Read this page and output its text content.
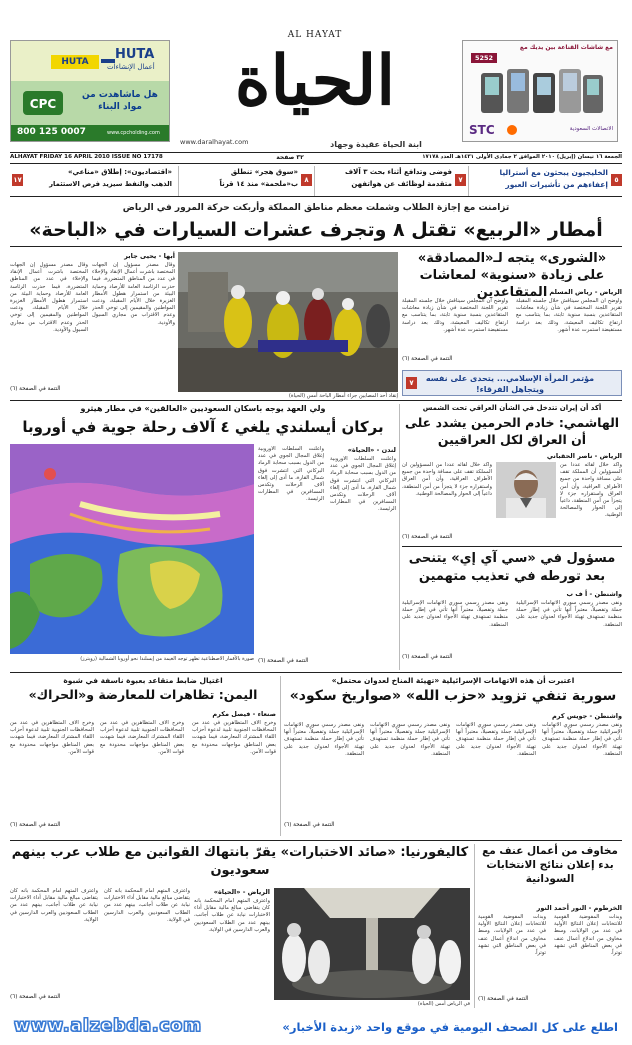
HUTA
أعمال الإنشاءات
HUTA
هل ماشاهدت من مواد البناء
CPC
800 125 0007	www.cpcholding.com
AL HAYAT
الحياة
www.daralhayat.com
مع شاشات القناعة بين يديك مع
5252
STC	الاتصالات السعودية
ابنة الحياة عقيدة وجهاد
ALHAYAT FRIDAY 16 APRIL 2010 ISSUE NO 17178	٣٢ صفحة	الجمعة ١٦ نيسان (إبريل) ٢٠١٠ الموافق ٢ جمادى الأولى ١٤٣١هـ العدد ١٧١٧٨
الخليجيون يبحثون مع أستراليا
إعفاءهم من تأشيرات العبور ٥
فوضى وتدافع أثناء بحث ٣ آلاف
متقدمة لوظائف عن هواتفهن ٧
«سوق هجر» تنطلق
ب«ملحمة» منذ ١٤ قرناً ٨
«اقتصاديون»: إطلاق «مناعي»
الذهب والنفط سيزيد فرص الاستثمار
١٧
تزامنت مع إجازة الطلاب وشملت معظم مناطق المملكة وأربكت حركة المرور في الرياض
أمطار «الربيع» تقتل ٨ وتجرف عشرات السيارات في «الباحة»
أبها - يحيى جابر
وقال مصدر مسؤول إن الجهات المختصة باشرت أعمال الإنقاذ والإخلاء في عدد من المناطق المتضررة، فيما حذرت الرئاسة العامة للأرصاد وحماية البيئة من استمرار هطول الأمطار الغزيرة خلال الأيام المقبلة، ودعت المواطنين والمقيمين إلى توخي الحذر وعدم الاقتراب من مجاري السيول والأودية.
وقال مصدر مسؤول إن الجهات المختصة باشرت أعمال الإنقاذ والإخلاء في عدد من المناطق المتضررة، فيما حذرت الرئاسة العامة للأرصاد وحماية البيئة من استمرار هطول الأمطار الغزيرة خلال الأيام المقبلة، ودعت المواطنين والمقيمين إلى توخي الحذر وعدم الاقتراب من مجاري السيول والأودية.
إنقاذ أحد المصابين جراء أمطار الباحة أمس (الحياة)
التتمة في الصفحة (٦)
«الشورى» يتجه لـ«المصادقة» على زيادة «سنوية» لمعاشات المتقاعدين الرياض - رياض المسلم
وأوضح أن المجلس سيناقش خلال جلسته المقبلة تقرير اللجنة المختصة في شأن زيادة معاشات المتقاعدين بنسبة سنوية ثابتة، بما يتناسب مع ارتفاع تكاليف المعيشة، وذلك بعد دراسة مستفيضة استمرت عدة أشهر.
وأوضح أن المجلس سيناقش خلال جلسته المقبلة تقرير اللجنة المختصة في شأن زيادة معاشات المتقاعدين بنسبة سنوية ثابتة، بما يتناسب مع ارتفاع تكاليف المعيشة، وذلك بعد دراسة مستفيضة استمرت عدة أشهر.
التتمة في الصفحة (٦)
مؤتمر المرأة الإسلامي... يتحدى على نفسه ويتجاهل الفرقاء!
٧
أكد أن إيران تتدخل في الشأن العراقي تحت الشمس
الهاشمي: خادم الحرمين يشدد على أن العراق لكل العراقيين
الرياض - ناصر الحقباني
وأكد خلال لقائه عدداً من المسؤولين أن المملكة تقف على مسافة واحدة من جميع الأطراف العراقية، وأن أمن العراق واستقراره جزء لا يتجزأ من أمن المنطقة، داعياً إلى الحوار والمصالحة الوطنية.
وأكد خلال لقائه عدداً من المسؤولين أن المملكة تقف على مسافة واحدة من جميع الأطراف العراقية، وأن أمن العراق واستقراره جزء لا يتجزأ من أمن المنطقة، داعياً إلى الحوار والمصالحة الوطنية.
التتمة في الصفحة (٦)
مسؤول في «سي آي إي» يتنحى بعد تورطه في تعذيب متهمين
واشنطن - أ ف ب
ونفى مصدر رسمي سوري الاتهامات الإسرائيلية جملة وتفصيلاً، معتبراً أنها تأتي في إطار حملة منظمة تستهدف تهيئة الأجواء لعدوان جديد على المنطقة.
ونفى مصدر رسمي سوري الاتهامات الإسرائيلية جملة وتفصيلاً، معتبراً أنها تأتي في إطار حملة منظمة تستهدف تهيئة الأجواء لعدوان جديد على المنطقة.
التتمة في الصفحة (٦)
ولي العهد يوجه باسكان السعوديين «العالقين» في مطار هيثرو
بركان أيسلندي يلغي ٤ آلاف رحلة جوية في أوروبا
صورة بالأقمار الاصطناعية تظهر توجه الغيمة من إيسلندا نحو أوروبا الشمالية (رويترز)
لندن - «الحياة»
وأعلنت السلطات الأوروبية إغلاق المجال الجوي في عدد من الدول بسبب سحابة الرماد البركاني التي انتشرت فوق شمال القارة، ما أدى إلى إلغاء آلاف الرحلات وتكدس المسافرين في المطارات الرئيسة.
وأعلنت السلطات الأوروبية إغلاق المجال الجوي في عدد من الدول بسبب سحابة الرماد البركاني التي انتشرت فوق شمال القارة، ما أدى إلى إلغاء آلاف الرحلات وتكدس المسافرين في المطارات الرئيسة.
التتمة في الصفحة (٦)
اغتيال ضابط متقاعد بعبوة ناسفة في شبوة
اليمن: تظاهرات للمعارضة و«الحراك»
صنعاء - فيصل مكرم
وخرج آلاف المتظاهرين في عدد من المحافظات الجنوبية تلبية لدعوة أحزاب اللقاء المشترك المعارضة، فيما شهدت بعض المناطق مواجهات محدودة مع قوات الأمن.
وخرج آلاف المتظاهرين في عدد من المحافظات الجنوبية تلبية لدعوة أحزاب اللقاء المشترك المعارضة، فيما شهدت بعض المناطق مواجهات محدودة مع قوات الأمن.
وخرج آلاف المتظاهرين في عدد من المحافظات الجنوبية تلبية لدعوة أحزاب اللقاء المشترك المعارضة، فيما شهدت بعض المناطق مواجهات محدودة مع قوات الأمن.
التتمة في الصفحة (٦)
اعتبرت أن هذه الاتهامات الإسرائيلية «تهيئة المناخ لعدوان محتمل»
سورية تنفي تزويد «حزب الله» «صواريخ سكود»
واشنطن - جويس كرم
ونفى مصدر رسمي سوري الاتهامات الإسرائيلية جملة وتفصيلاً، معتبراً أنها تأتي في إطار حملة منظمة تستهدف تهيئة الأجواء لعدوان جديد على المنطقة.
ونفى مصدر رسمي سوري الاتهامات الإسرائيلية جملة وتفصيلاً، معتبراً أنها تأتي في إطار حملة منظمة تستهدف تهيئة الأجواء لعدوان جديد على المنطقة.
ونفى مصدر رسمي سوري الاتهامات الإسرائيلية جملة وتفصيلاً، معتبراً أنها تأتي في إطار حملة منظمة تستهدف تهيئة الأجواء لعدوان جديد على المنطقة.
ونفى مصدر رسمي سوري الاتهامات الإسرائيلية جملة وتفصيلاً، معتبراً أنها تأتي في إطار حملة منظمة تستهدف تهيئة الأجواء لعدوان جديد على المنطقة.
التتمة في الصفحة (٦)
كاليفورنيا: «صائد الاختبارات» يقرّ بانتهاك القوانين مع طلاب عرب بينهم سعوديون
في الرياض أمس (الحياة)
الرياض - «الحياة»
واعترف المتهم أمام المحكمة بأنه كان يتقاضى مبالغ مالية مقابل أداء الاختبارات نيابة عن طلاب أجانب، بينهم عدد من الطلاب السعوديين والعرب الدارسين في الولاية.
واعترف المتهم أمام المحكمة بأنه كان يتقاضى مبالغ مالية مقابل أداء الاختبارات نيابة عن طلاب أجانب، بينهم عدد من الطلاب السعوديين والعرب الدارسين في الولاية.
واعترف المتهم أمام المحكمة بأنه كان يتقاضى مبالغ مالية مقابل أداء الاختبارات نيابة عن طلاب أجانب، بينهم عدد من الطلاب السعوديين والعرب الدارسين في الولاية.
التتمة في الصفحة (٦)
مخاوف من أعمال عنف مع بدء إعلان نتائج الانتخابات السودانية
الخرطوم - النور أحمد النور
وبدأت المفوضية القومية للانتخابات إعلان النتائج الأولية في عدد من الولايات، وسط مخاوف من اندلاع أعمال عنف في بعض المناطق التي تشهد توتراً.
وبدأت المفوضية القومية للانتخابات إعلان النتائج الأولية في عدد من الولايات، وسط مخاوف من اندلاع أعمال عنف في بعض المناطق التي تشهد توتراً.
التتمة في الصفحة (٦)
www.alzebda.com	اطلع على كل الصحف اليومية في موقع واحد «زبدة الأخبار»
